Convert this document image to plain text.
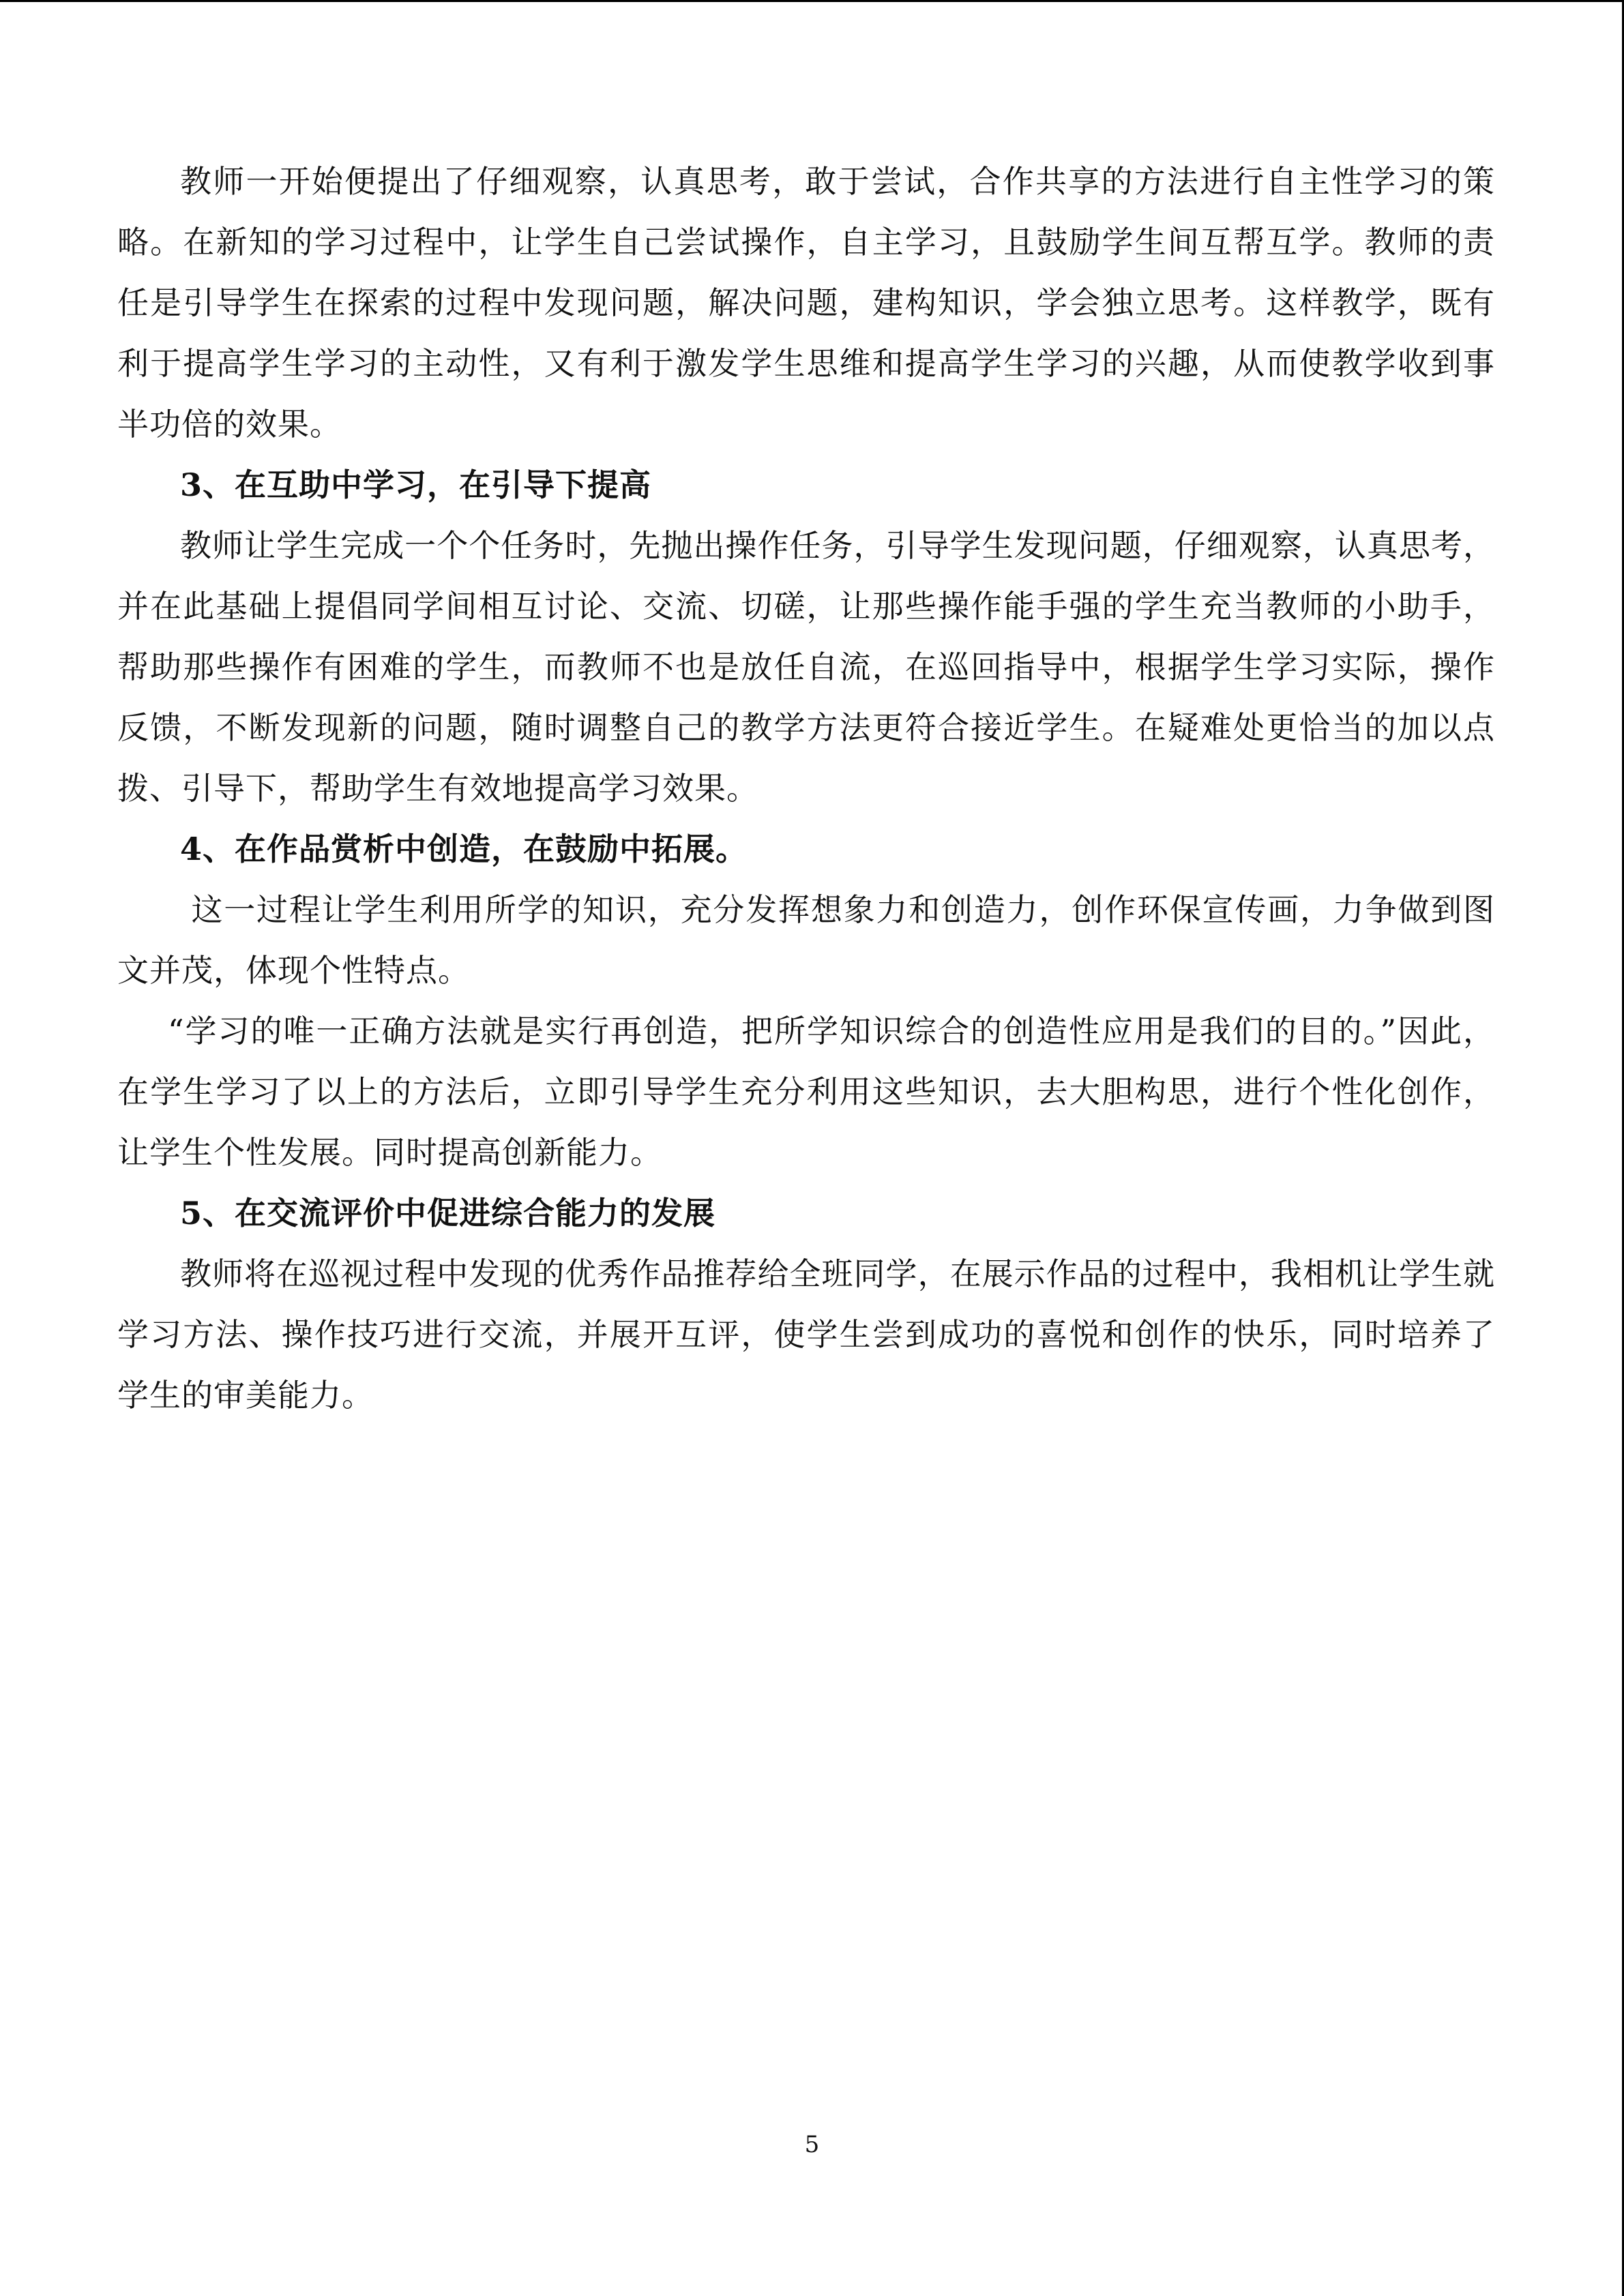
教师一开始便提出了仔细观察，认真思考，敢于尝试，合作共享的方法进行自主性学习的策略。在新知的学习过程中，让学生自己尝试操作，自主学习，且鼓励学生间互帮互学。教师的责任是引导学生在探索的过程中发现问题，解决问题，建构知识，学会独立思考。这样教学，既有利于提高学生学习的主动性，又有利于激发学生思维和提高学生学习的兴趣，从而使教学收到事半功倍的效果。

3、在互助中学习，在引导下提高

教师让学生完成一个个任务时，先抛出操作任务，引导学生发现问题，仔细观察，认真思考，并在此基础上提倡同学间相互讨论、交流、切磋，让那些操作能手强的学生充当教师的小助手，帮助那些操作有困难的学生，而教师不也是放任自流，在巡回指导中，根据学生学习实际，操作反馈，不断发现新的问题，随时调整自己的教学方法更符合接近学生。在疑难处更恰当的加以点拨、引导下，帮助学生有效地提高学习效果。

4、在作品赏析中创造，在鼓励中拓展。

这一过程让学生利用所学的知识，充分发挥想象力和创造力，创作环保宣传画，力争做到图文并茂，体现个性特点。

“学习的唯一正确方法就是实行再创造，把所学知识综合的创造性应用是我们的目的。”因此，在学生学习了以上的方法后，立即引导学生充分利用这些知识，去大胆构思，进行个性化创作，让学生个性发展。同时提高创新能力。

5、在交流评价中促进综合能力的发展

教师将在巡视过程中发现的优秀作品推荐给全班同学，在展示作品的过程中，我相机让学生就学习方法、操作技巧进行交流，并展开互评，使学生尝到成功的喜悦和创作的快乐，同时培养了学生的审美能力。

5
